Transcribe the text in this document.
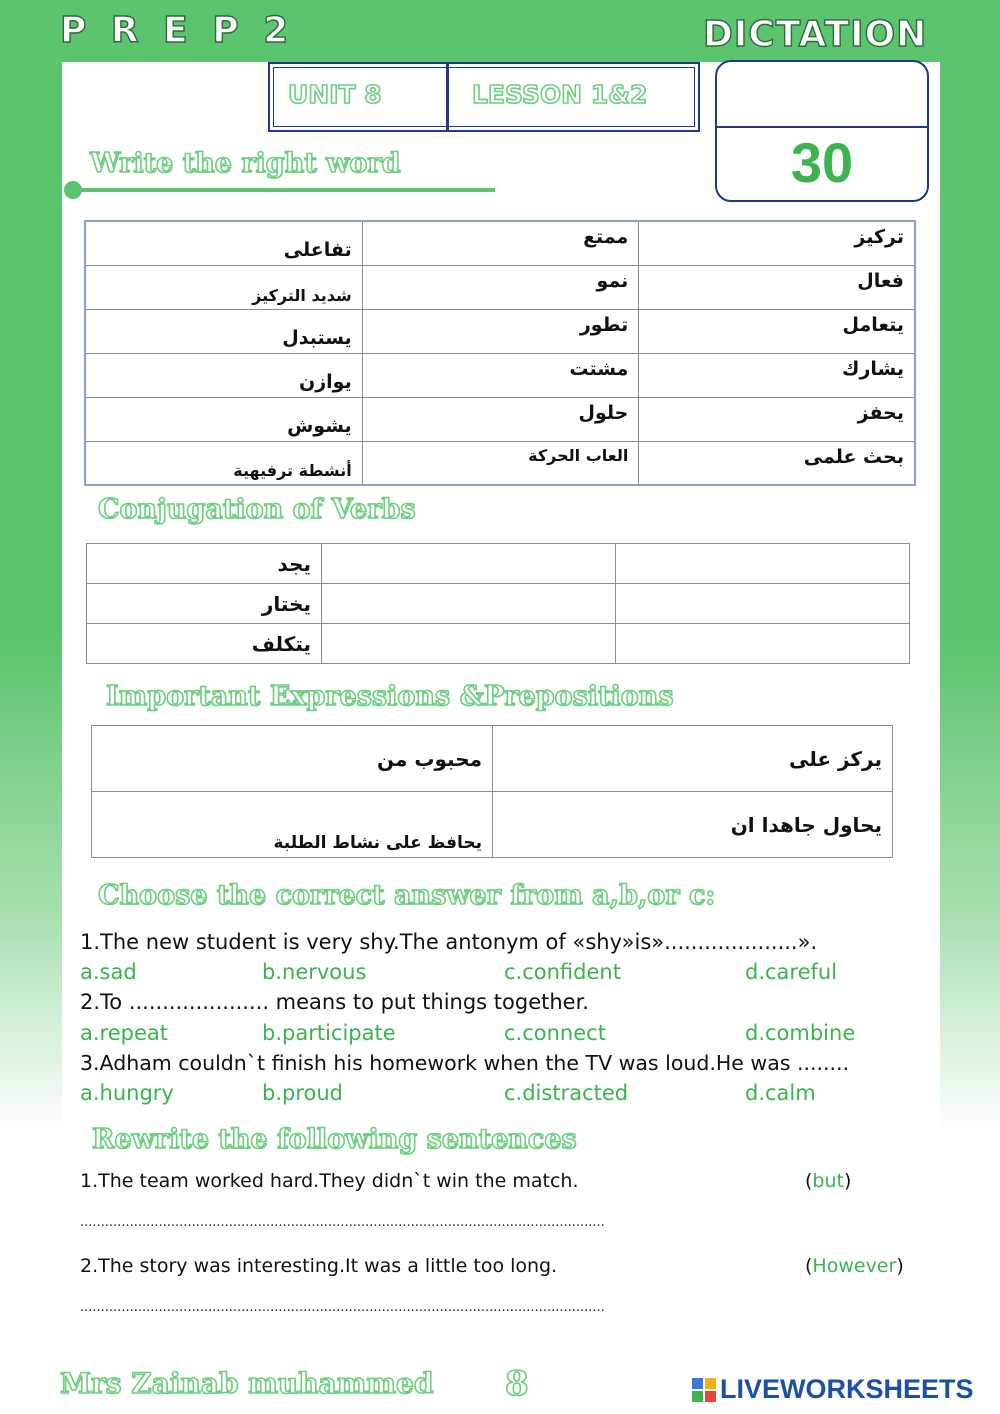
P R E P 2	DICTATION
UNIT 8	LESSON 1&2
30
Write the right word
تفاعلى	ممتع	تركيز
شديد التركيز	نمو	فعال
يستبدل	تطور	يتعامل
يوازن	مشتت	يشارك
يشوش	حلول	يحفز
أنشطة ترفيهية	العاب الحركة	بحث علمى
Conjugation of Verbs
يجد		
يختار		
يتكلف		
Important Expressions &Prepositions
محبوب من	يركز على
يحافظ على نشاط الطلبة	يحاول جاهدا ان
Choose the correct answer from a,b,or c:
1.The new student is very shy.The antonym of «shy»is»....................».
a.sad	b.nervous	c.confident	d.careful
2.To ..................... means to put things together.
a.repeat	b.participate	c.connect	d.combine
3.Adham couldn`t finish his homework when the TV was loud.He was ........
a.hungry	b.proud	c.distracted	d.calm
Rewrite the following sentences
1.The team worked hard.They didn`t win the match.	(but)
...............................................................................................................................
2.The story was interesting.It was a little too long.	(However)
...............................................................................................................................
Mrs Zainab muhammed 8	LIVEWORKSHEETS
